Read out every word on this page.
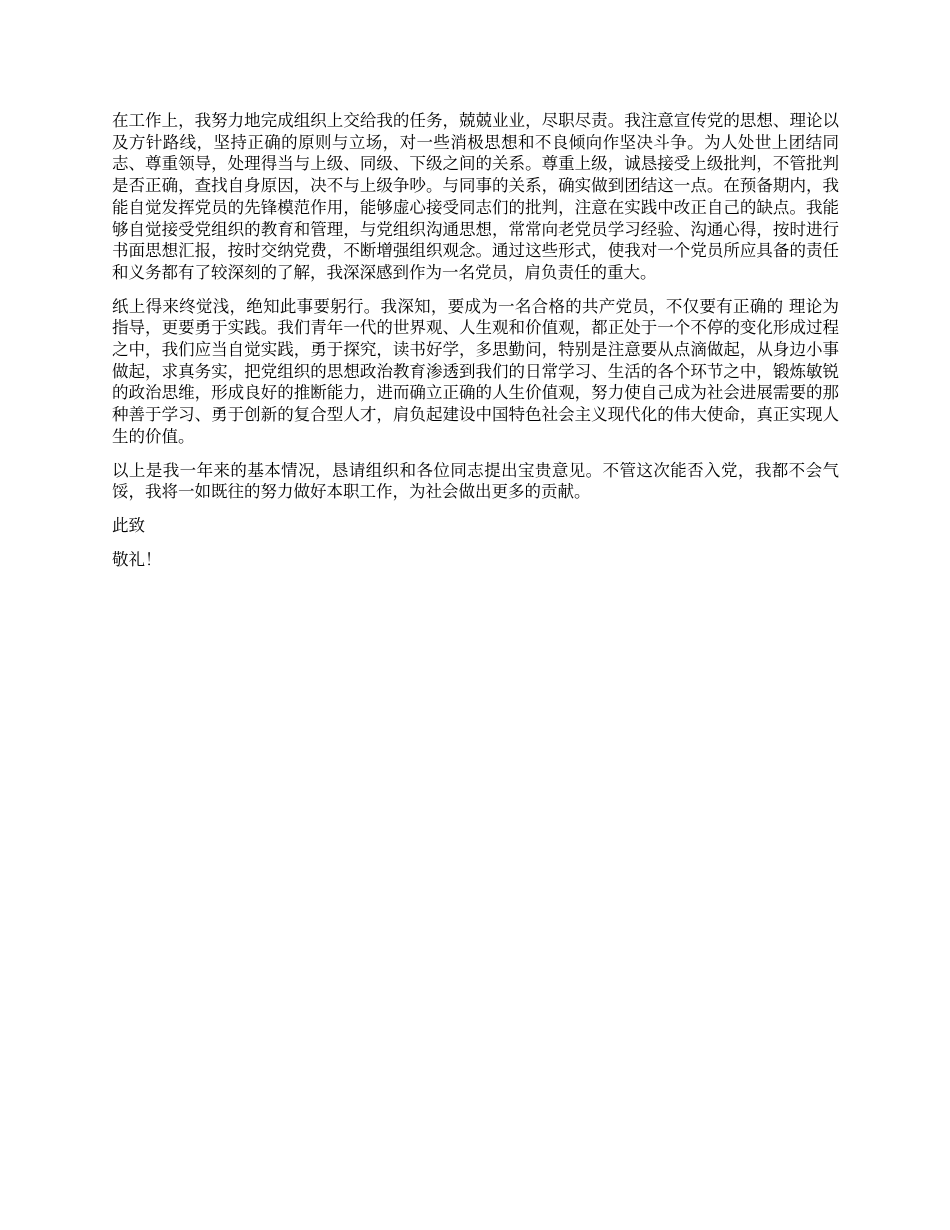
在工作上，我努力地完成组织上交给我的任务，兢兢业业，尽职尽责。我注意宣传党的思想、理论以及方针路线，坚持正确的原则与立场，对一些消极思想和不良倾向作坚决斗争。为人处世上团结同志、尊重领导，处理得当与上级、同级、下级之间的关系。尊重上级，诚恳接受上级批判，不管批判是否正确，查找自身原因，决不与上级争吵。与同事的关系，确实做到团结这一点。在预备期内，我能自觉发挥党员的先锋模范作用，能够虚心接受同志们的批判，注意在实践中改正自己的缺点。我能够自觉接受党组织的教育和管理，与党组织沟通思想，常常向老党员学习经验、沟通心得，按时进行书面思想汇报，按时交纳党费，不断增强组织观念。通过这些形式，使我对一个党员所应具备的责任和义务都有了较深刻的了解，我深深感到作为一名党员，肩负责任的重大。

纸上得来终觉浅，绝知此事要躬行。我深知，要成为一名合格的共产党员，不仅要有正确的 理论为指导，更要勇于实践。我们青年一代的世界观、人生观和价值观，都正处于一个不停的变化形成过程之中，我们应当自觉实践，勇于探究，读书好学，多思勤问，特别是注意要从点滴做起，从身边小事做起，求真务实，把党组织的思想政治教育渗透到我们的日常学习、生活的各个环节之中，锻炼敏锐的政治思维，形成良好的推断能力，进而确立正确的人生价值观，努力使自己成为社会进展需要的那种善于学习、勇于创新的复合型人才，肩负起建设中国特色社会主义现代化的伟大使命，真正实现人生的价值。

以上是我一年来的基本情况，恳请组织和各位同志提出宝贵意见。不管这次能否入党，我都不会气馁，我将一如既往的努力做好本职工作，为社会做出更多的贡献。

此致

敬礼！
